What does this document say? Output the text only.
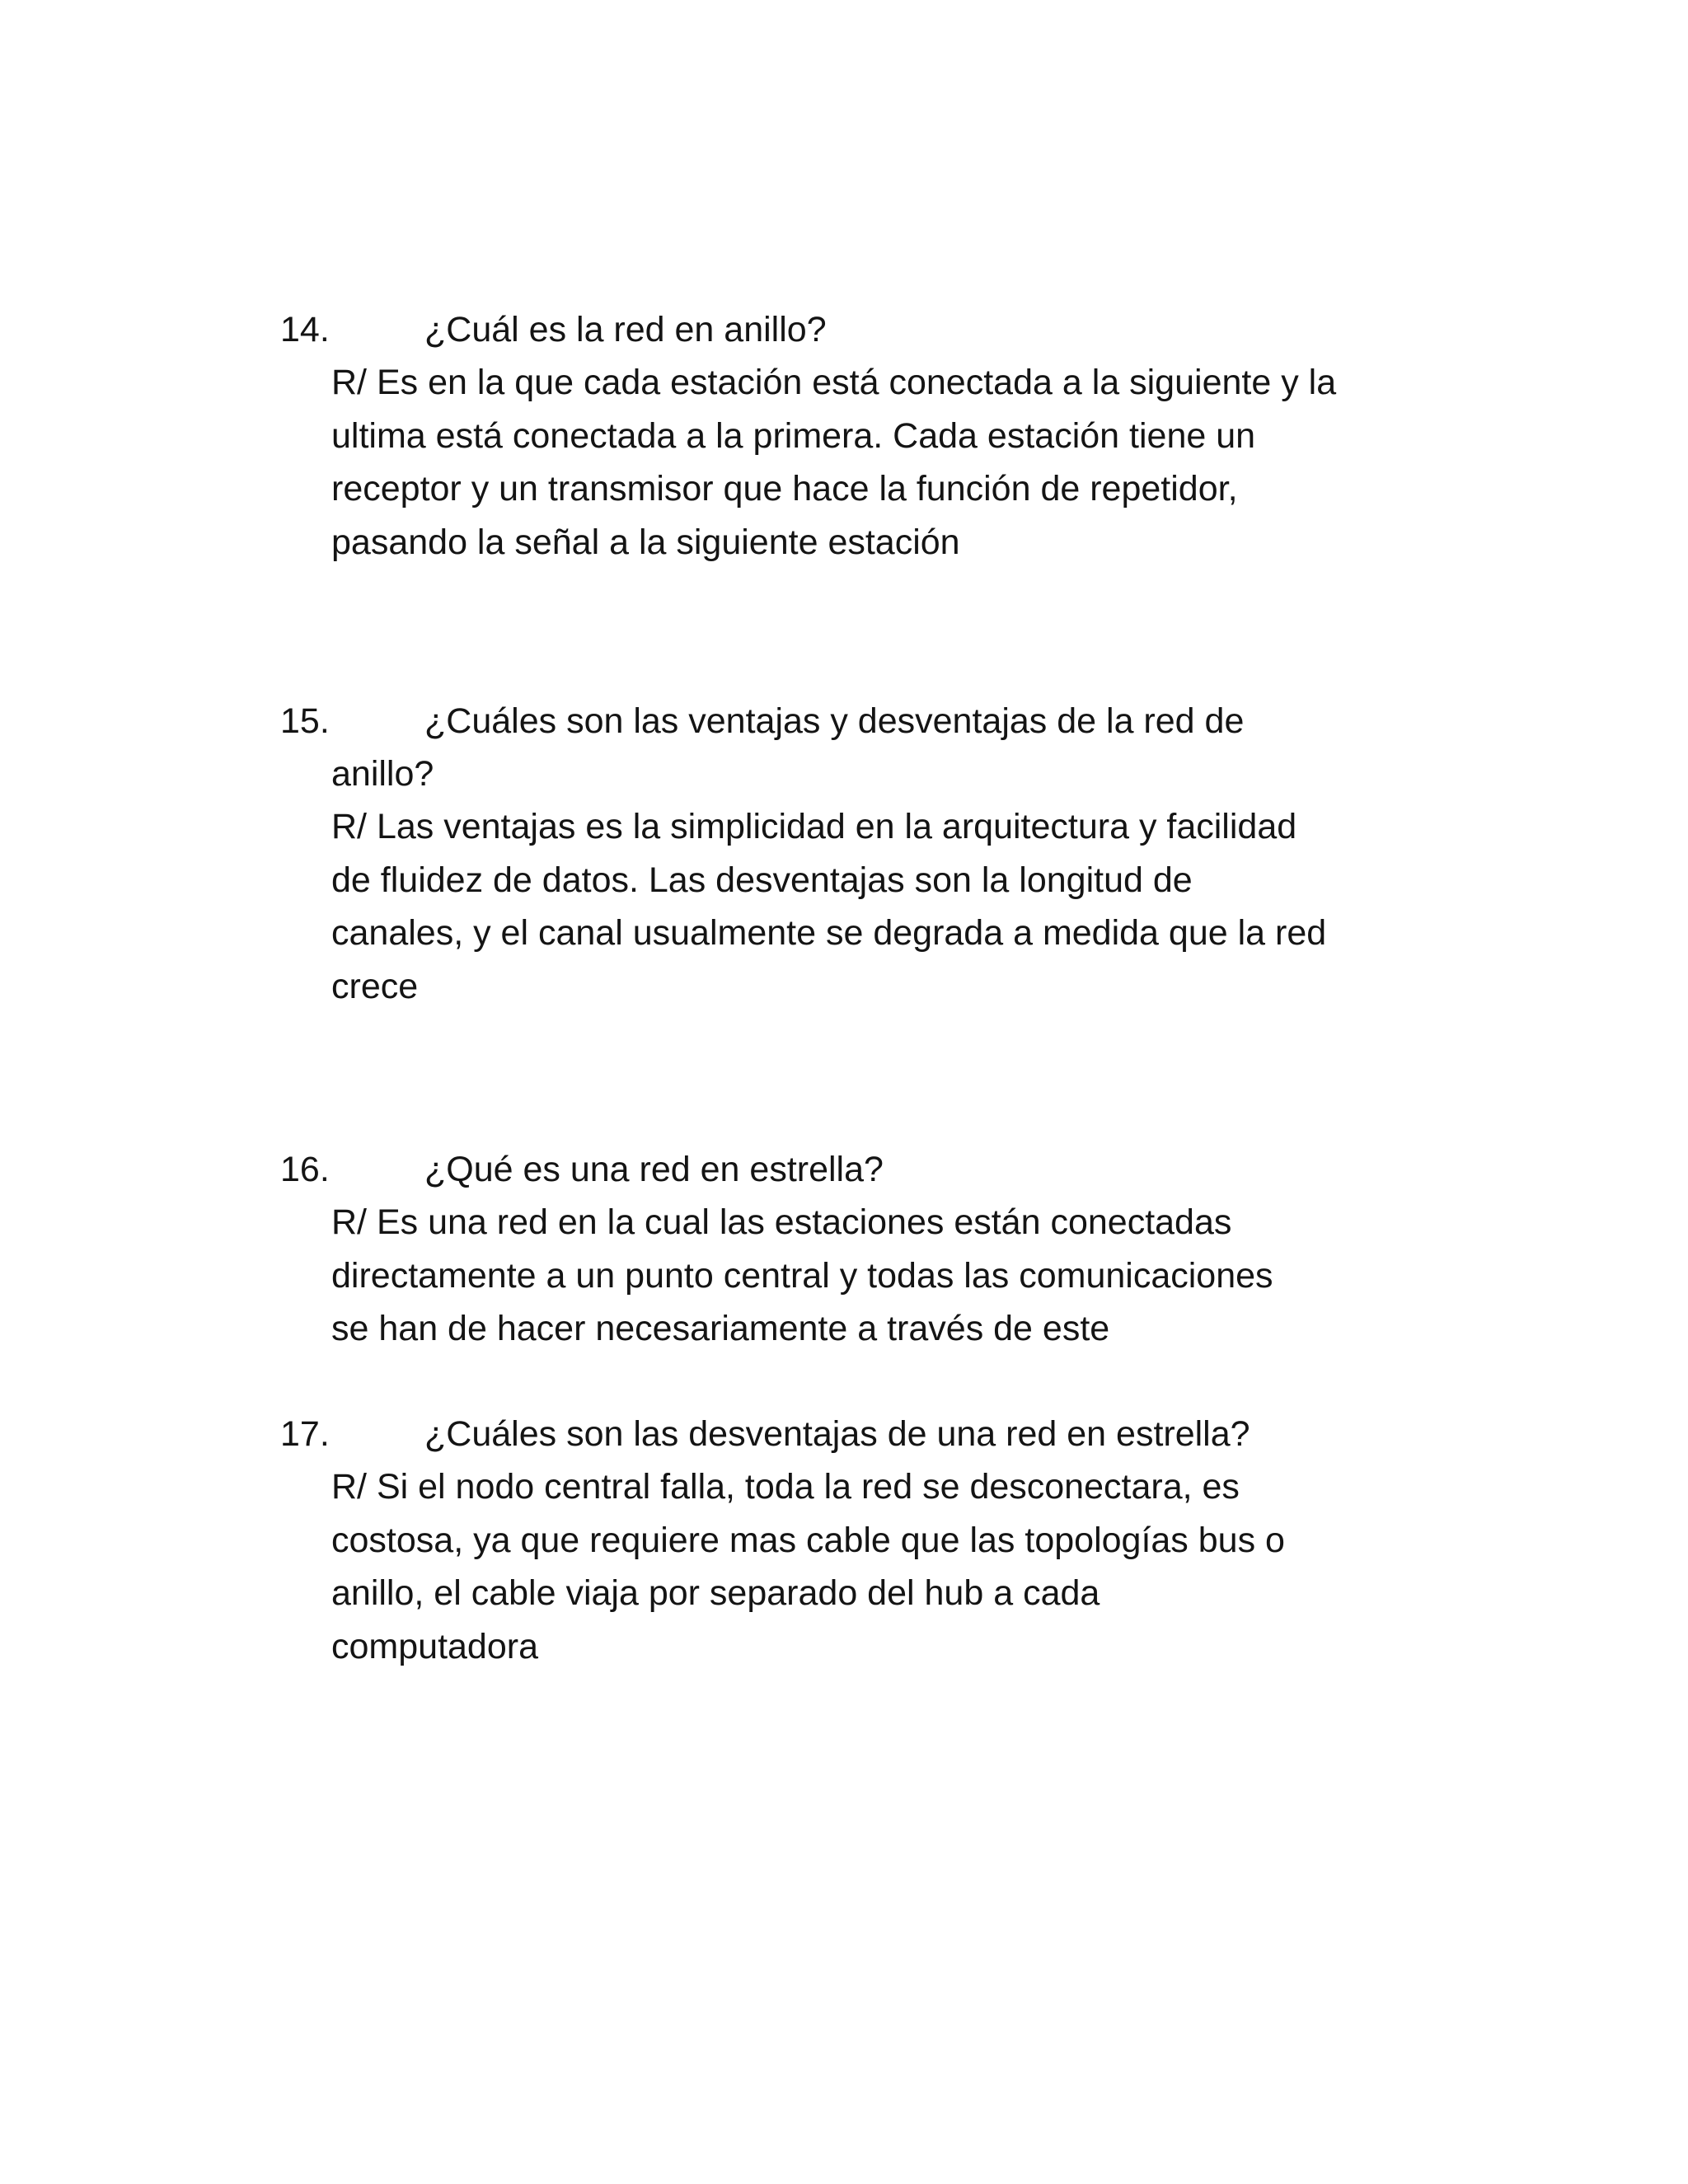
14.	¿Cuál es la red en anillo?
R/ Es en la que cada estación está conectada a la siguiente y la
ultima está conectada a la primera. Cada estación tiene un
receptor y un transmisor que hace la función de repetidor,
pasando la señal a la siguiente estación
15.	¿Cuáles son las ventajas y desventajas de la red de
anillo?
R/ Las ventajas es la simplicidad en la arquitectura y facilidad
de fluidez de datos. Las desventajas son la longitud de
canales, y el canal usualmente se degrada a medida que la red
crece
16.	¿Qué es una red en estrella?
R/ Es una red en la cual las estaciones están conectadas
directamente a un punto central y todas las comunicaciones
se han de hacer necesariamente a través de este
17.	¿Cuáles son las desventajas de una red en estrella?
R/ Si el nodo central falla, toda la red se desconectara, es
costosa, ya que requiere mas cable que las topologías bus o
anillo, el cable viaja por separado del hub a cada
computadora
